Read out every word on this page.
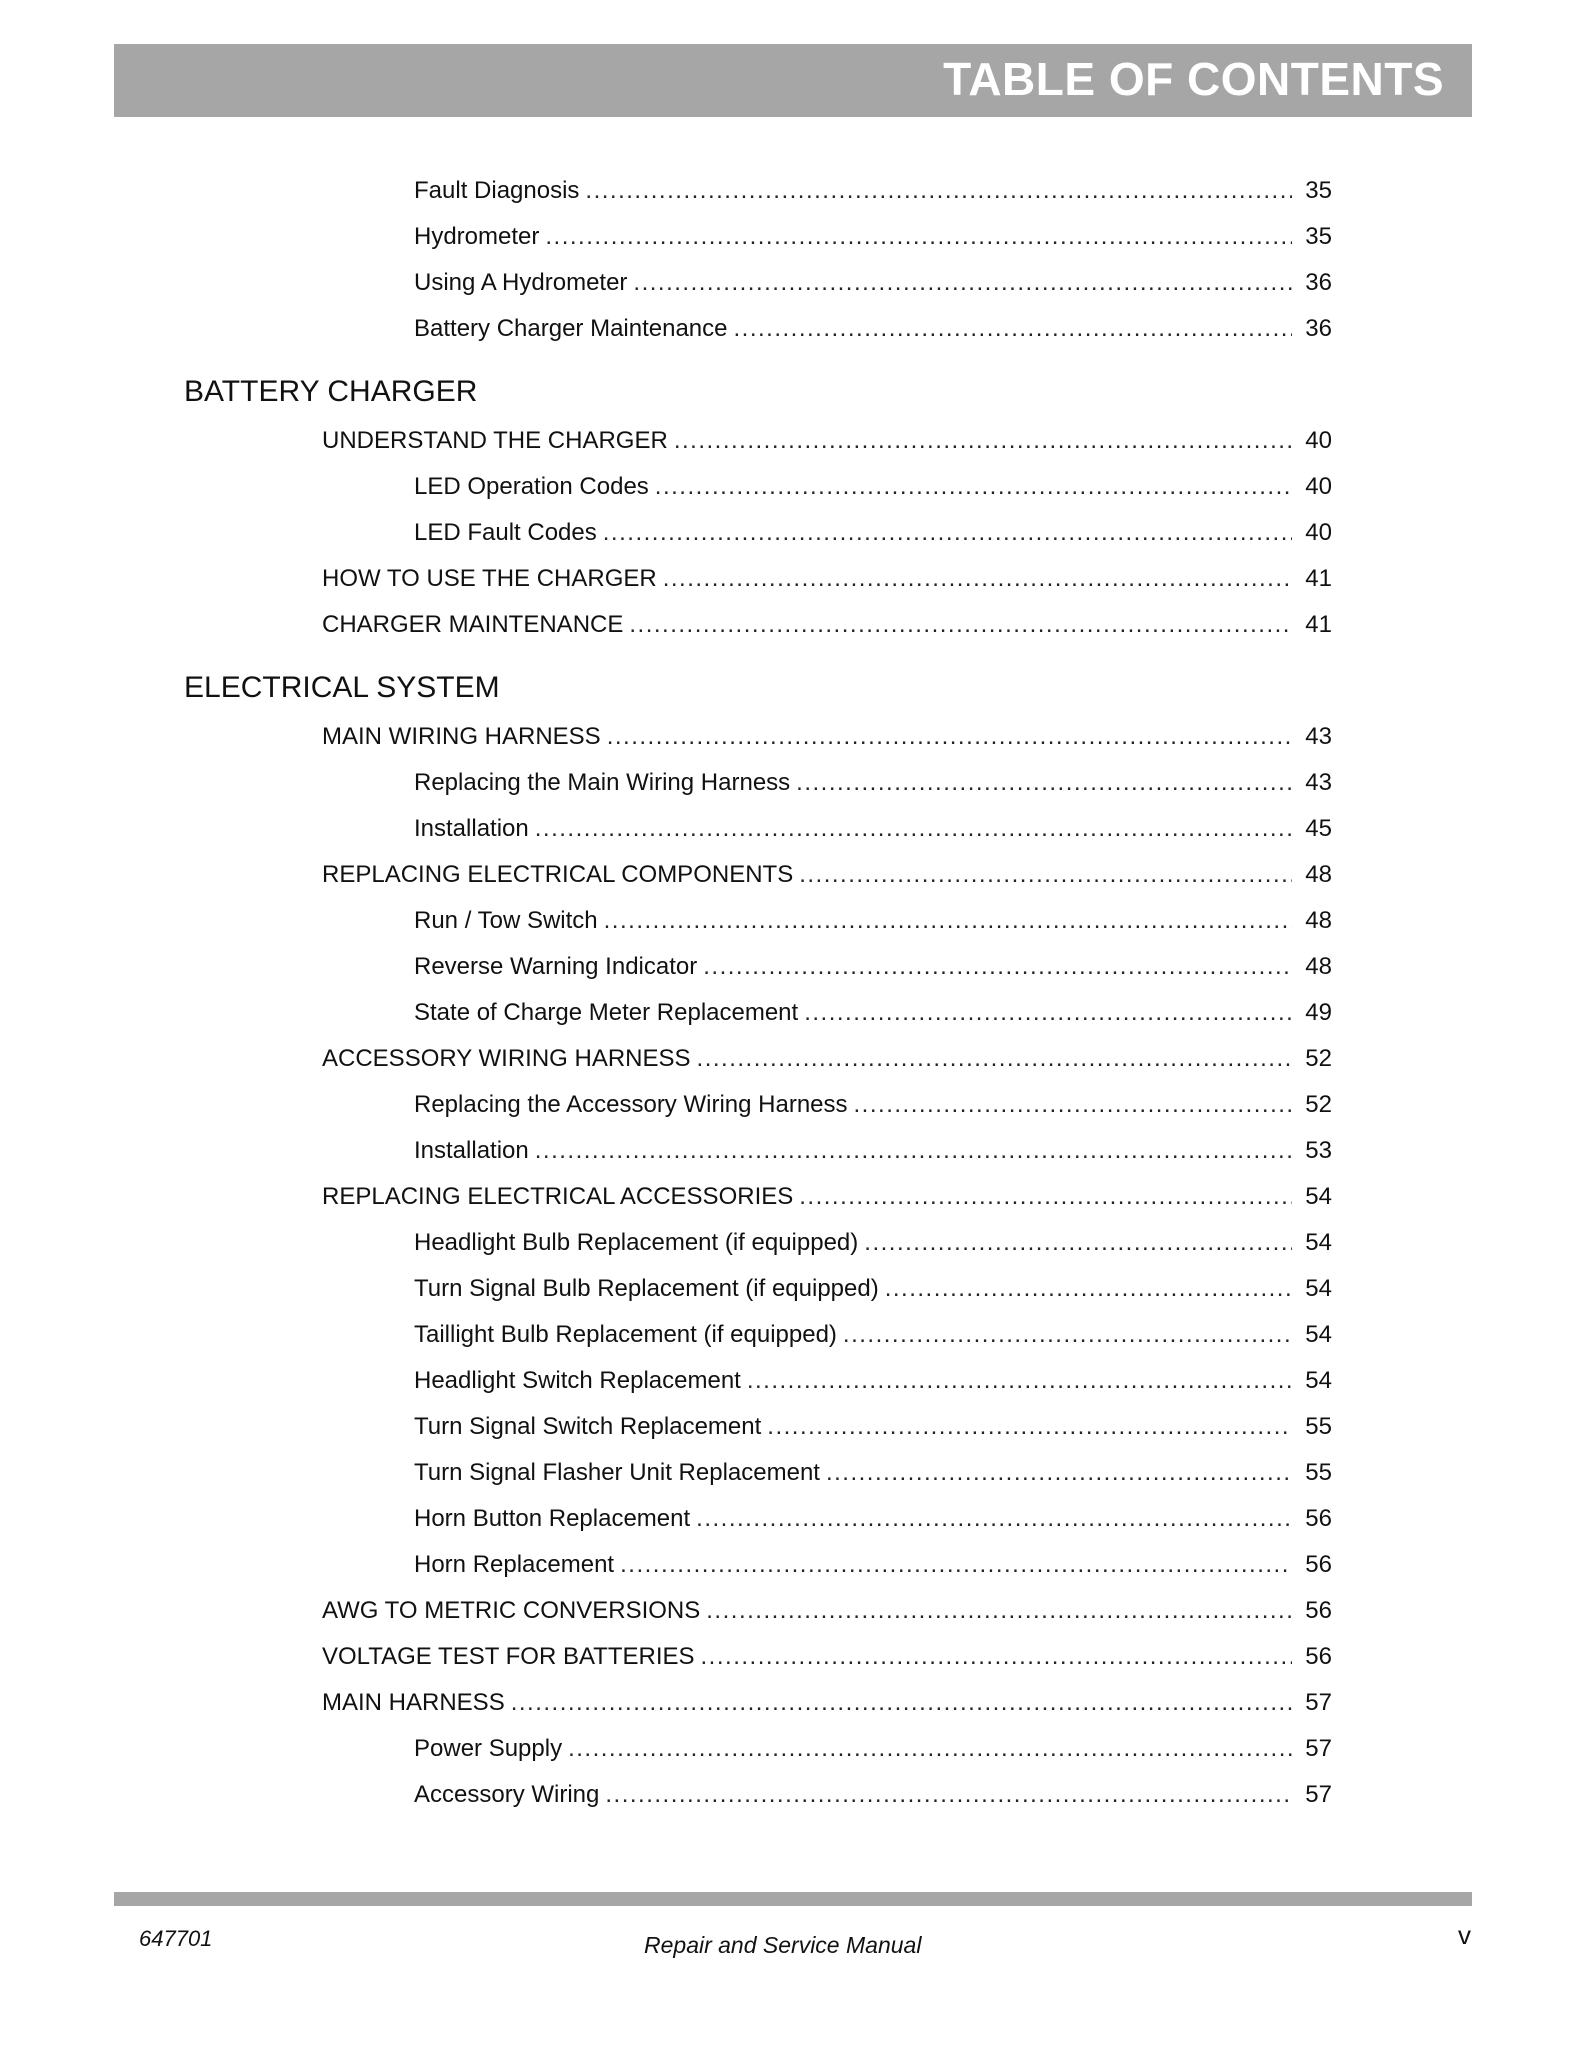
TABLE OF CONTENTS
Fault Diagnosis .....	35
Hydrometer .....	35
Using A Hydrometer .....	36
Battery Charger Maintenance .....	36
BATTERY CHARGER
UNDERSTAND THE CHARGER .....	40
LED Operation Codes .....	40
LED Fault Codes .....	40
HOW TO USE THE CHARGER .....	41
CHARGER MAINTENANCE .....	41
ELECTRICAL SYSTEM
MAIN WIRING HARNESS .....	43
Replacing the Main Wiring Harness .....	43
Installation .....	45
REPLACING ELECTRICAL COMPONENTS .....	48
Run / Tow Switch .....	48
Reverse Warning Indicator .....	48
State of Charge Meter Replacement .....	49
ACCESSORY WIRING HARNESS .....	52
Replacing the Accessory Wiring Harness .....	52
Installation .....	53
REPLACING ELECTRICAL ACCESSORIES .....	54
Headlight Bulb Replacement (if equipped) .....	54
Turn Signal Bulb Replacement (if equipped) .....	54
Taillight Bulb Replacement (if equipped) .....	54
Headlight Switch Replacement .....	54
Turn Signal Switch Replacement .....	55
Turn Signal Flasher Unit Replacement .....	55
Horn Button Replacement .....	56
Horn Replacement .....	56
AWG TO METRIC CONVERSIONS .....	56
VOLTAGE TEST FOR BATTERIES .....	56
MAIN HARNESS .....	57
Power Supply .....	57
Accessory Wiring .....	57
647701	Repair and Service Manual	v
